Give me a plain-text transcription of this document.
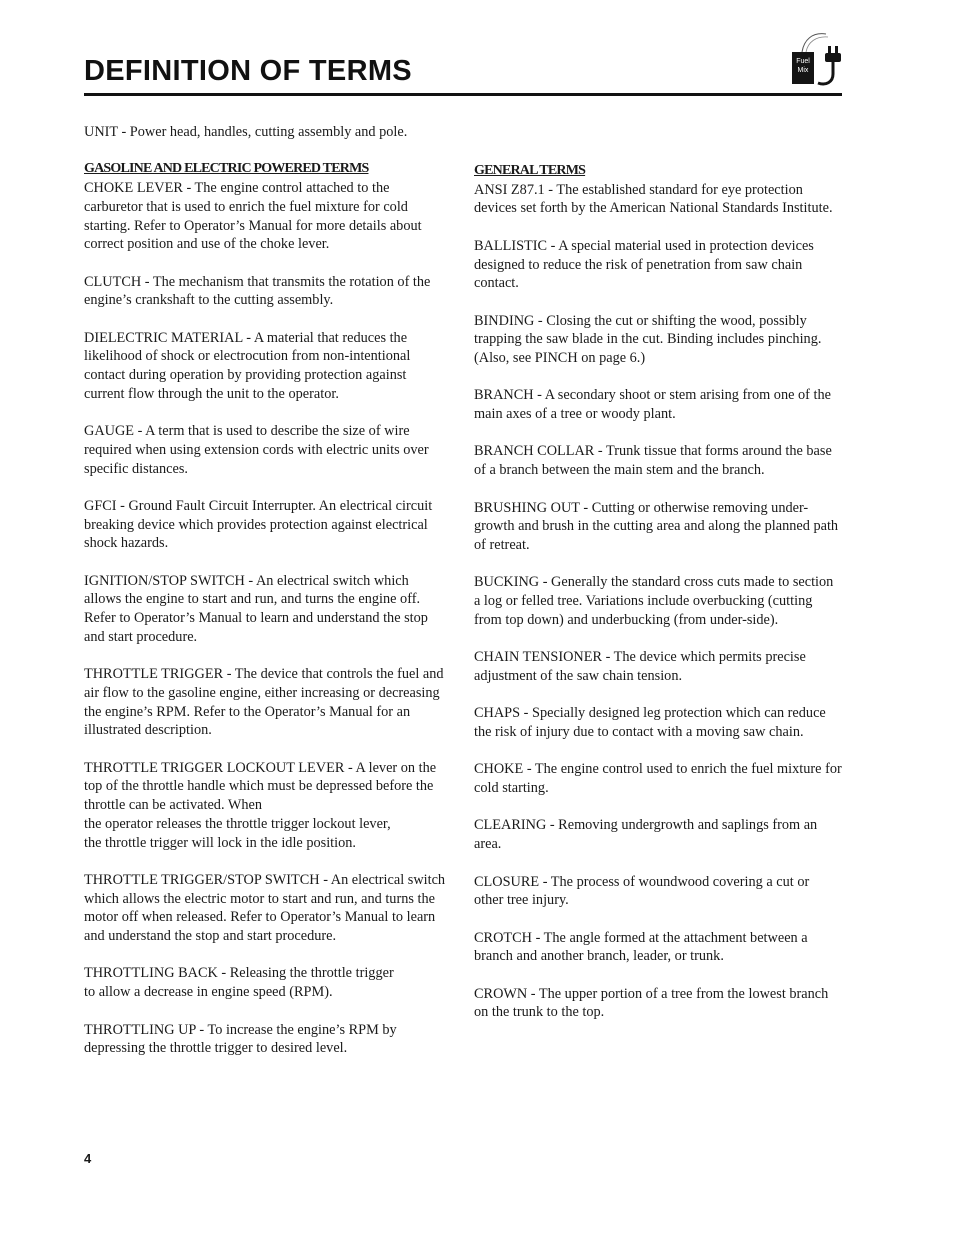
DEFINITION OF TERMS	Fuel
Mix

UNIT - Power head, handles, cutting assembly and pole.

GASOLINE AND ELECTRIC POWERED TERMS

CHOKE LEVER - The engine control attached to the carburetor that is used to enrich the fuel mixture for cold starting. Refer to Operator’s Manual for more details about correct position and use of the choke lever.

CLUTCH - The mechanism that transmits the rotation of the engine’s crankshaft to the cutting assembly.

DIELECTRIC MATERIAL - A material that reduces the likelihood of shock or electrocution from non-intentional contact during operation by providing protection against current flow through the unit to the operator.

GAUGE - A term that is used to describe the size of wire required when using extension cords with electric units over specific distances.

GFCI - Ground Fault Circuit Interrupter. An electrical circuit breaking device which provides protection against electrical shock hazards.

IGNITION/STOP SWITCH - An electrical switch which allows the engine to start and run, and turns the engine off. Refer to Operator’s Manual to learn and understand the stop and start procedure.

THROTTLE TRIGGER - The device that controls the fuel and air flow to the gasoline engine, either increasing or decreasing the engine’s RPM. Refer to the Operator’s Manual for an illustrated description.

THROTTLE TRIGGER LOCKOUT LEVER - A lever on the top of the throttle handle which must be depressed before the throttle can be activated. When
the operator releases the throttle trigger lockout lever,
the throttle trigger will lock in the idle position.

THROTTLE TRIGGER/STOP SWITCH - An electrical switch which allows the electric motor to start and run, and turns the motor off when released. Refer to Operator’s Manual to learn and understand the stop and start procedure.

THROTTLING BACK - Releasing the throttle trigger
to allow a decrease in engine speed (RPM).

THROTTLING UP - To increase the engine’s RPM by depressing the throttle trigger to desired level.

GENERAL TERMS

ANSI Z87.1 - The established standard for eye protection devices set forth by the American National Standards Institute.

BALLISTIC - A special material used in protection devices designed to reduce the risk of penetration from saw chain contact.

BINDING - Closing the cut or shifting the wood, possibly trapping the saw blade in the cut. Binding includes pinching. (Also, see PINCH on page 6.)

BRANCH - A secondary shoot or stem arising from one of the main axes of a tree or woody plant.

BRANCH COLLAR - Trunk tissue that forms around the base of a branch between the main stem and the branch.

BRUSHING OUT - Cutting or otherwise removing under-growth and brush in the cutting area and along the planned path of retreat.

BUCKING - Generally the standard cross cuts made to section a log or felled tree. Variations include overbucking (cutting from top down) and underbucking (from under-side).

CHAIN TENSIONER - The device which permits precise adjustment of the saw chain tension.

CHAPS - Specially designed leg protection which can reduce the risk of injury due to contact with a moving saw chain.

CHOKE - The engine control used to enrich the fuel mixture for cold starting.

CLEARING - Removing undergrowth and saplings from an area.

CLOSURE - The process of woundwood covering a cut or other tree injury.

CROTCH - The angle formed at the attachment between a branch and another branch, leader, or trunk.

CROWN - The upper portion of a tree from the lowest branch on the trunk to the top.

4
